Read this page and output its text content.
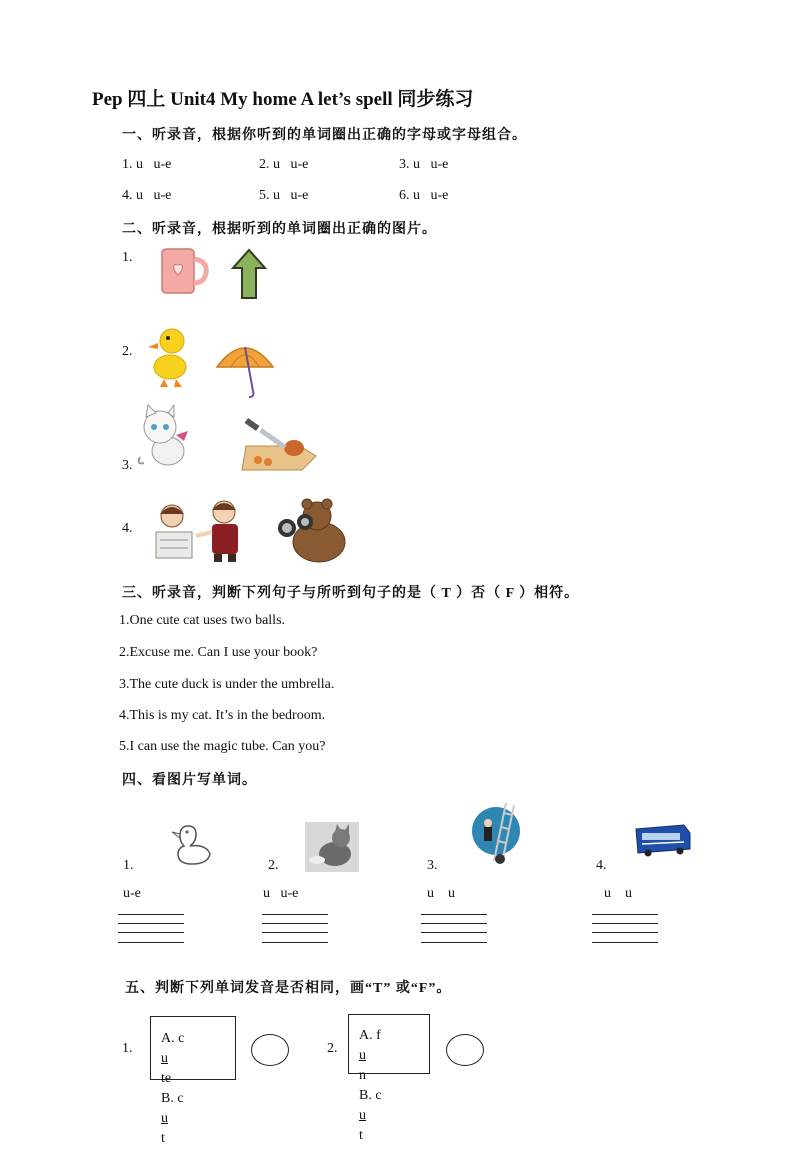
Pep 四上 Unit4 My home A let’s spell 同步练习
一、听录音，根据你听到的单词圈出正确的字母或字母组合。
1. u u-e	2. u u-e	3. u u-e
4. u u-e	5. u u-e	6. u u-e
二、听录音，根据听到的单词圈出正确的图片。
1.
2.
3.
4.
三、听录音，判断下列句子与所听到句子的是（ T ）否（ F ）相符。
1.One cute cat uses two balls.
2.Excuse me. Can I use your book?
3.The cute duck is under the umbrella.
4.This is my cat. It’s in the bedroom.
5.I can use the magic tube. Can you?
四、看图片写单词。
1.
u-e
2.
u   u-e
3.
u    u
4.
u    u
五、判断下列单词发音是否相同，画“T” 或“F”。
1.
A. c
u
te
B. c
u
t
2.
A. f
u
n
B. c
u
t
